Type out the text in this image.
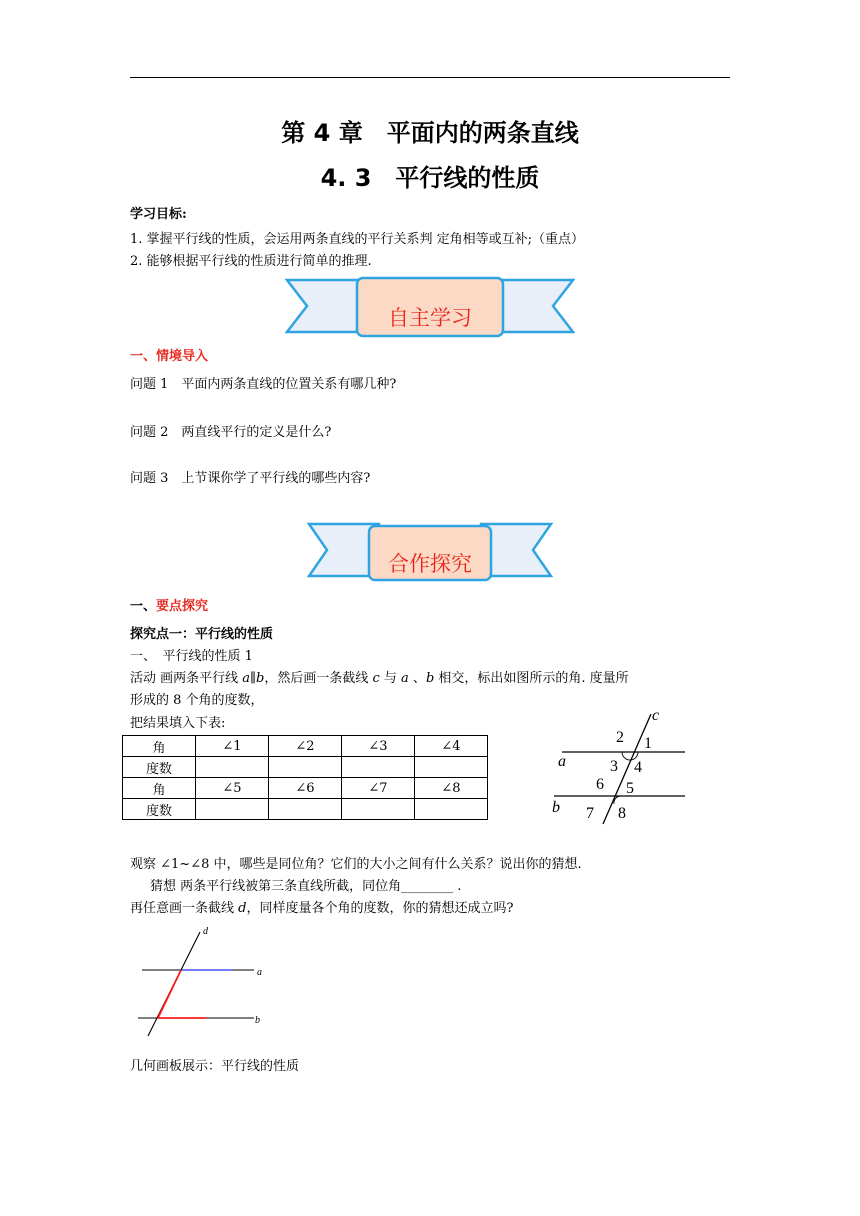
第 4 章　平面内的两条直线
4. 3　平行线的性质
学习目标:
1. 掌握平行线的性质，会运用两条直线的平行关系判 定角相等或互补;（重点）
2. 能够根据平行线的性质进行简单的推理.
自主学习
一、情境导入
问题 1　平面内两条直线的位置关系有哪几种?
问题 2　两直线平行的定义是什么?
问题 3　上节课你学了平行线的哪些内容?
合作探究
一、要点探究
探究点一：平行线的性质
一、　平行线的性质 1
活动 画两条平行线 a∥b，然后画一条截线 c 与 a 、b 相交，标出如图所示的角. 度量所
形成的 8 个角的度数，
把结果填入下表:
角	∠1	∠2	∠3	∠4
度数				
角	∠5	∠6	∠7	∠8
度数				
c
a
b
1
2
3 4
5
6
7 8
观察 ∠1~∠8 中，哪些是同位角？它们的大小之间有什么关系？说出你的猜想.
猜想 两条平行线被第三条直线所截，同位角________ .
再任意画一条截线 d，同样度量各个角的度数，你的猜想还成立吗?
d
a
b
几何画板展示：平行线的性质
